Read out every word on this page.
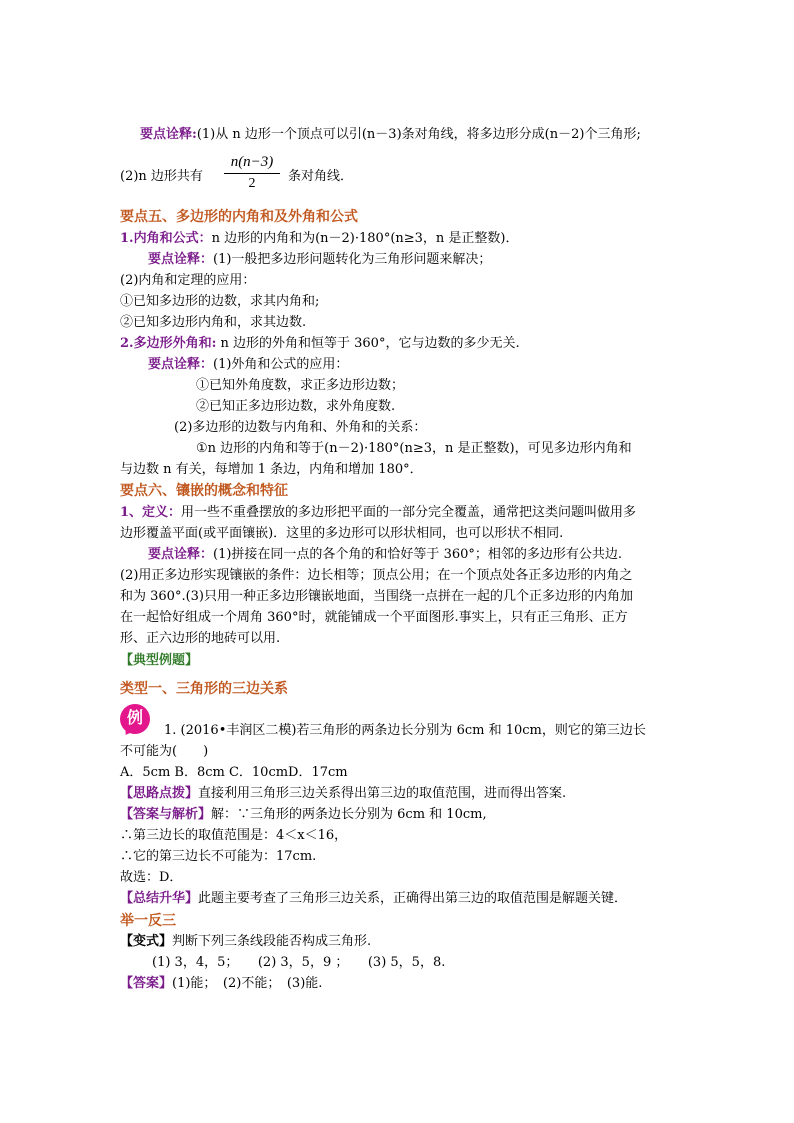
要点诠释:(1)从 n 边形一个顶点可以引(n－3)条对角线，将多边形分成(n－2)个三角形;
(2)n 边形共有 $\frac{n(n-3)}{2}$ 条对角线．
要点五、多边形的内角和及外角和公式
1.内角和公式：n 边形的内角和为(n－2)·180°(n≥3，n 是正整数)．
要点诠释：(1)一般把多边形问题转化为三角形问题来解决；
(2)内角和定理的应用：
①已知多边形的边数，求其内角和;
②已知多边形内角和，求其边数.
2.多边形外角和: n 边形的外角和恒等于 360°，它与边数的多少无关.
要点诠释：(1)外角和公式的应用：
①已知外角度数，求正多边形边数；
②已知正多边形边数，求外角度数.
(2)多边形的边数与内角和、外角和的关系：
①n 边形的内角和等于(n－2)·180°(n≥3，n 是正整数)，可见多边形内角和
与边数 n 有关，每增加 1 条边，内角和增加 180°．
要点六、镶嵌的概念和特征
1、定义：用一些不重叠摆放的多边形把平面的一部分完全覆盖，通常把这类问题叫做用多
边形覆盖平面(或平面镶嵌)．这里的多边形可以形状相同，也可以形状不相同.
要点诠释：(1)拼接在同一点的各个角的和恰好等于 360°；相邻的多边形有公共边.
(2)用正多边形实现镶嵌的条件：边长相等；顶点公用；在一个顶点处各正多边形的内角之
和为 360°.(3)只用一种正多边形镶嵌地面，当围绕一点拼在一起的几个正多边形的内角加
在一起恰好组成一个周角 360°时，就能铺成一个平面图形.事实上，只有正三角形、正方
形、正六边形的地砖可以用.
【典型例题】
类型一、三角形的三边关系
例
1. (2016•丰润区二模)若三角形的两条边长分别为 6cm 和 10cm，则它的第三边长
不可能为(　　)
A．5cm B．8cm C．10cmD．17cm
【思路点拨】直接利用三角形三边关系得出第三边的取值范围，进而得出答案.
【答案与解析】解：∵三角形的两条边长分别为 6cm 和 10cm,
∴第三边长的取值范围是：4＜x＜16，
∴它的第三边长不可能为：17cm.
故选：D．
【总结升华】此题主要考查了三角形三边关系，正确得出第三边的取值范围是解题关键．
举一反三
【变式】判断下列三条线段能否构成三角形.
(1) 3，4，5；　　(2) 3，5，9 ；　　(3) 5，5，8.
【答案】(1)能；　(2)不能；　(3)能.
